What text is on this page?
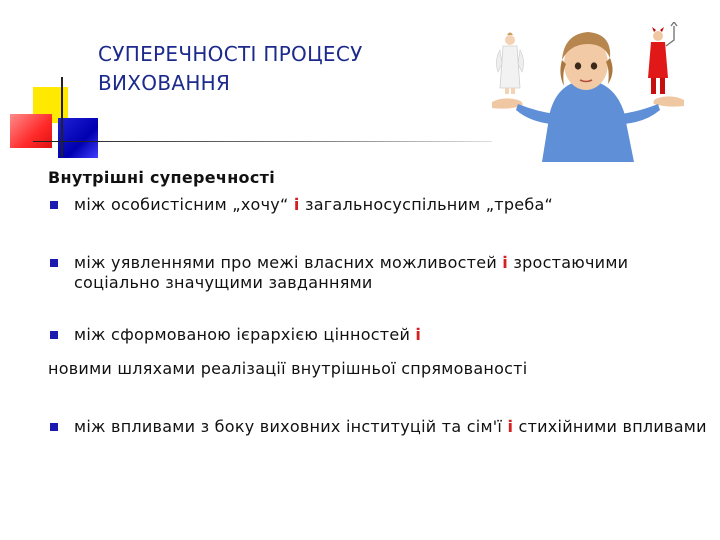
СУПЕРЕЧНОСТІ ПРОЦЕСУ
ВИХОВАННЯ
Внутрішні суперечності
між особистісним „хочу“ і загальносуспільним „треба“
між уявленнями про межі власних можливостей і зростаючими соціально значущими завданнями
між сформованою ієрархією цінностей і
новими шляхами реалізації внутрішньої спрямованості
між впливами з боку виховних інституцій та сім'ї і стихійними впливами
